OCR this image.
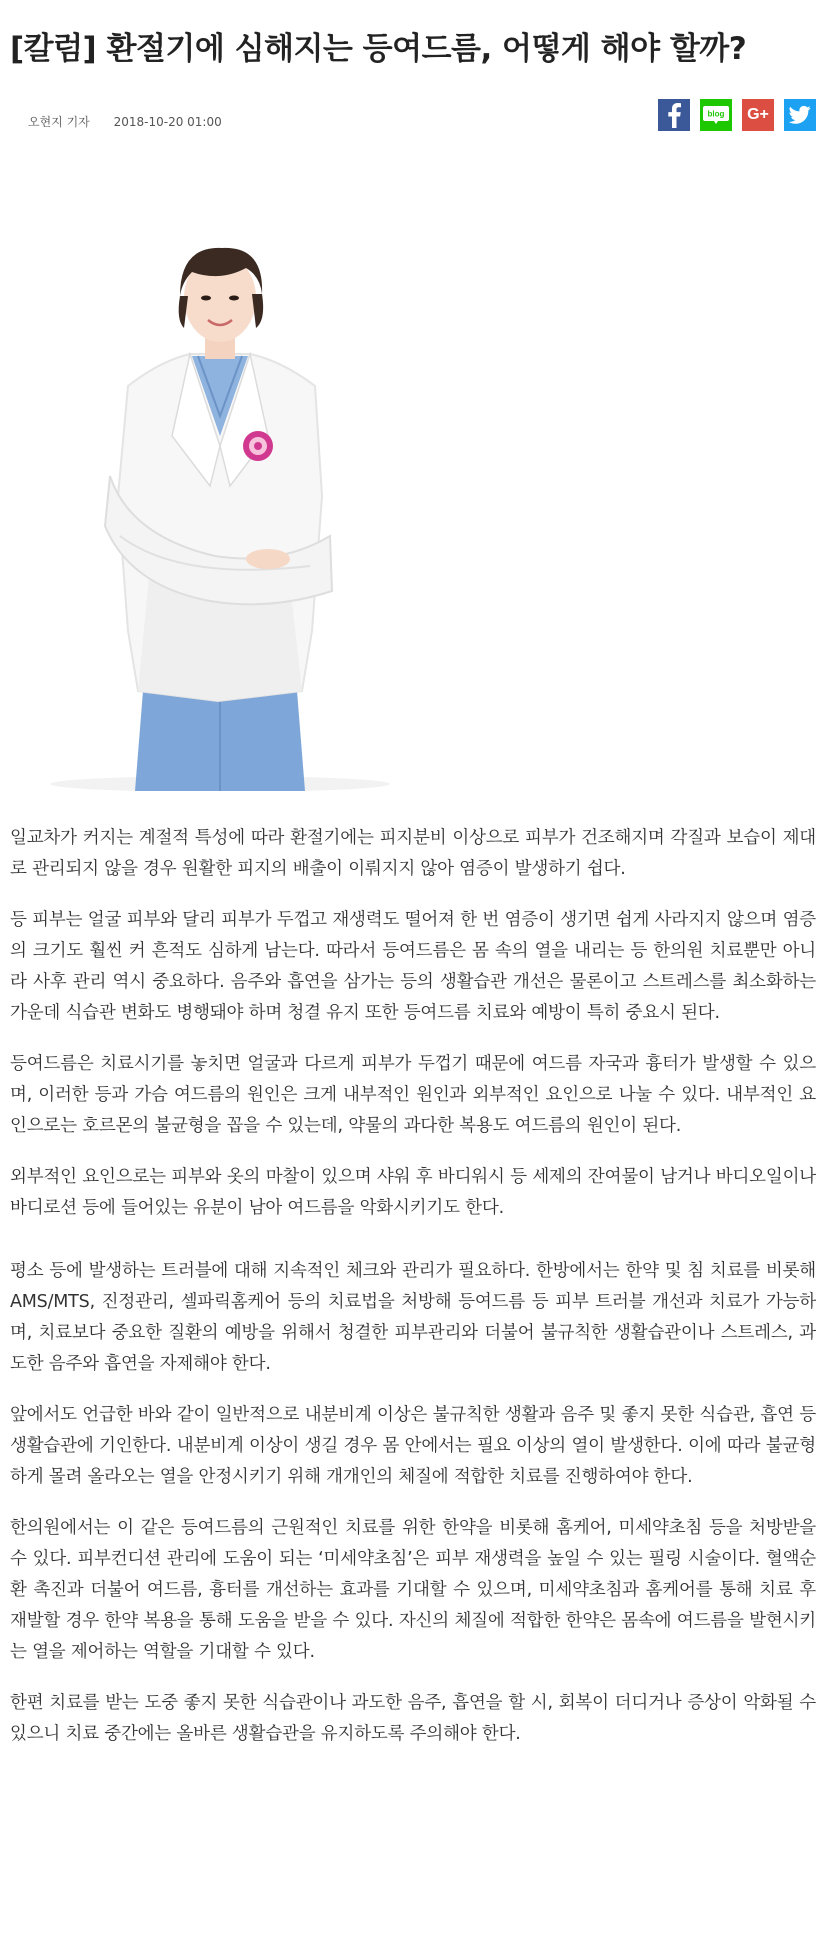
[칼럼] 환절기에 심해지는 등여드름, 어떻게 해야 할까?
오현지 기자 2018-10-20 01:00
blog G+

일교차가 커지는 계절적 특성에 따라 환절기에는 피지분비 이상으로 피부가 건조해지며 각질과 보습이 제대로 관리되지 않을 경우 원활한 피지의 배출이 이뤄지지 않아 염증이 발생하기 쉽다.

등 피부는 얼굴 피부와 달리 피부가 두껍고 재생력도 떨어져 한 번 염증이 생기면 쉽게 사라지지 않으며 염증의 크기도 훨씬 커 흔적도 심하게 남는다. 따라서 등여드름은 몸 속의 열을 내리는 등 한의원 치료뿐만 아니라 사후 관리 역시 중요하다. 음주와 흡연을 삼가는 등의 생활습관 개선은 물론이고 스트레스를 최소화하는 가운데 식습관 변화도 병행돼야 하며 청결 유지 또한 등여드름 치료와 예방이 특히 중요시 된다.

등여드름은 치료시기를 놓치면 얼굴과 다르게 피부가 두껍기 때문에 여드름 자국과 흉터가 발생할 수 있으며, 이러한 등과 가슴 여드름의 원인은 크게 내부적인 원인과 외부적인 요인으로 나눌 수 있다. 내부적인 요인으로는 호르몬의 불균형을 꼽을 수 있는데, 약물의 과다한 복용도 여드름의 원인이 된다.

외부적인 요인으로는 피부와 옷의 마찰이 있으며 샤워 후 바디워시 등 세제의 잔여물이 남거나 바디오일이나 바디로션 등에 들어있는 유분이 남아 여드름을 악화시키기도 한다.

평소 등에 발생하는 트러블에 대해 지속적인 체크와 관리가 필요하다. 한방에서는 한약 및 침 치료를 비롯해 AMS/MTS, 진정관리, 셀파릭홈케어 등의 치료법을 처방해 등여드름 등 피부 트러블 개선과 치료가 가능하며, 치료보다 중요한 질환의 예방을 위해서 청결한 피부관리와 더불어 불규칙한 생활습관이나 스트레스, 과도한 음주와 흡연을 자제해야 한다.

앞에서도 언급한 바와 같이 일반적으로 내분비계 이상은 불규칙한 생활과 음주 및 좋지 못한 식습관, 흡연 등 생활습관에 기인한다. 내분비계 이상이 생길 경우 몸 안에서는 필요 이상의 열이 발생한다. 이에 따라 불균형하게 몰려 올라오는 열을 안정시키기 위해 개개인의 체질에 적합한 치료를 진행하여야 한다.

한의원에서는 이 같은 등여드름의 근원적인 치료를 위한 한약을 비롯해 홈케어, 미세약초침 등을 처방받을 수 있다. 피부컨디션 관리에 도움이 되는 ‘미세약초침’은 피부 재생력을 높일 수 있는 필링 시술이다. 혈액순환 촉진과 더불어 여드름, 흉터를 개선하는 효과를 기대할 수 있으며, 미세약초침과 홈케어를 통해 치료 후 재발할 경우 한약 복용을 통해 도움을 받을 수 있다. 자신의 체질에 적합한 한약은 몸속에 여드름을 발현시키는 열을 제어하는 역할을 기대할 수 있다.

한편 치료를 받는 도중 좋지 못한 식습관이나 과도한 음주, 흡연을 할 시, 회복이 더디거나 증상이 악화될 수 있으니 치료 중간에는 올바른 생활습관을 유지하도록 주의해야 한다.
